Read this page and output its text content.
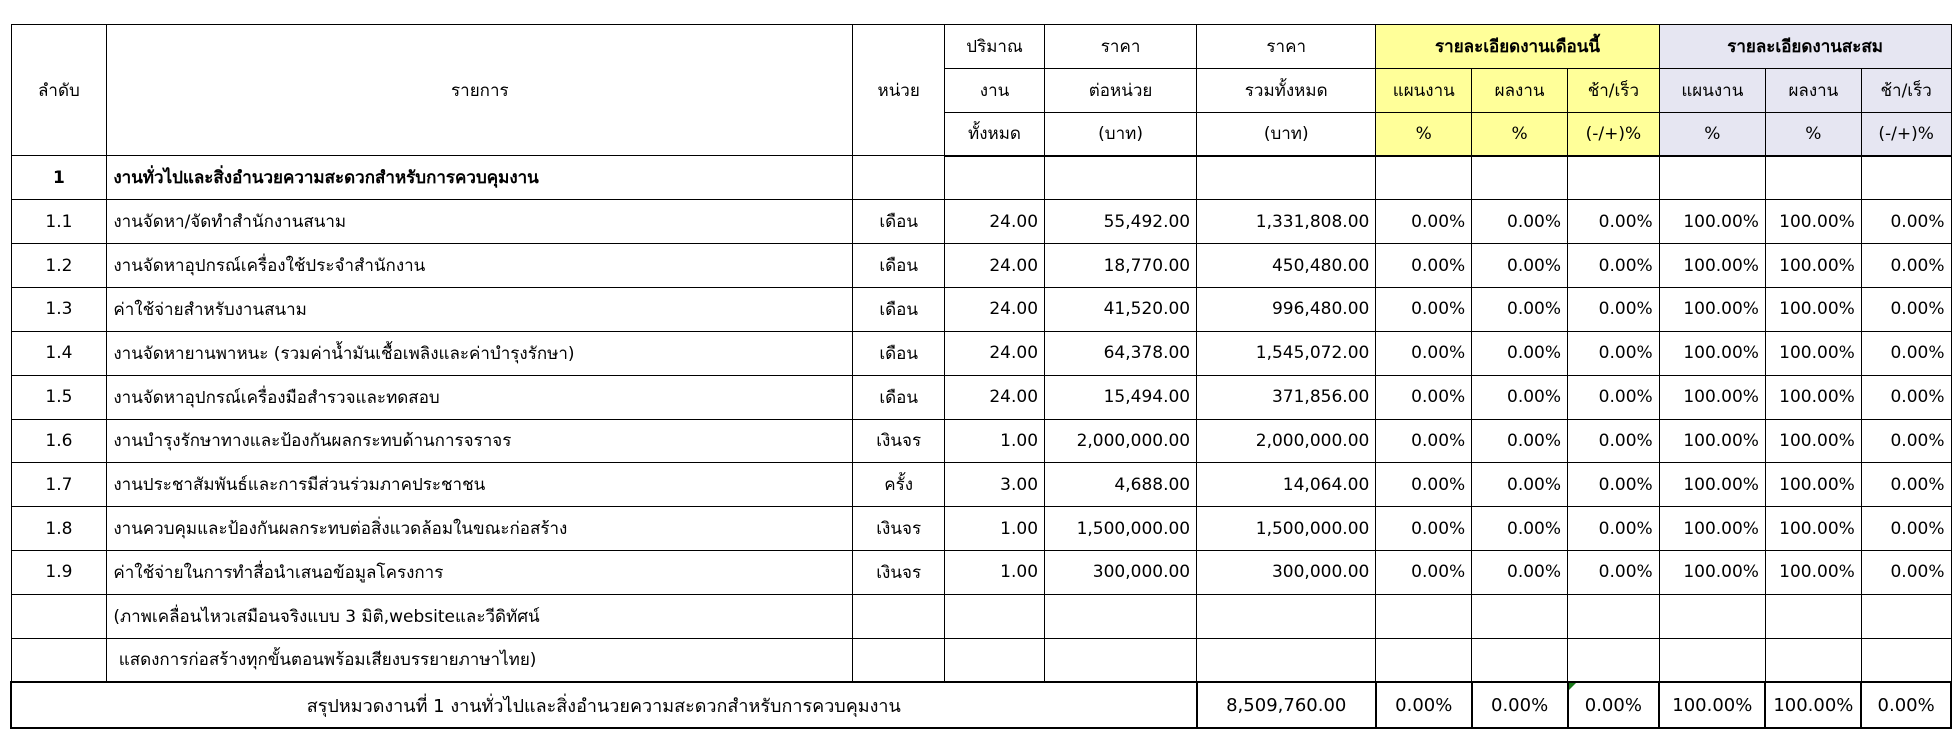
ลำดับ	รายการ	หน่วย	ปริมาณ	ราคา	ราคา	รายละเอียดงานเดือนนี้			รายละเอียดงานสะสม		
			งาน	ต่อหน่วย	รวมทั้งหมด	แผนงาน	ผลงาน	ช้า/เร็ว	แผนงาน	ผลงาน	ช้า/เร็ว
			ทั้งหมด	(บาท)	(บาท)	%	%	(-/+)%	%	%	(-/+)%
1	งานทั่วไปและสิ่งอำนวยความสะดวกสำหรับการควบคุมงาน										
1.1	งานจัดหา/จัดทำสำนักงานสนาม	เดือน	24.00	55,492.00	1,331,808.00	0.00%	0.00%	0.00%	100.00%	100.00%	0.00%
1.2	งานจัดหาอุปกรณ์เครื่องใช้ประจำสำนักงาน	เดือน	24.00	18,770.00	450,480.00	0.00%	0.00%	0.00%	100.00%	100.00%	0.00%
1.3	ค่าใช้จ่ายสำหรับงานสนาม	เดือน	24.00	41,520.00	996,480.00	0.00%	0.00%	0.00%	100.00%	100.00%	0.00%
1.4	งานจัดหายานพาหนะ (รวมค่าน้ำมันเชื้อเพลิงและค่าบำรุงรักษา)	เดือน	24.00	64,378.00	1,545,072.00	0.00%	0.00%	0.00%	100.00%	100.00%	0.00%
1.5	งานจัดหาอุปกรณ์เครื่องมือสำรวจและทดสอบ	เดือน	24.00	15,494.00	371,856.00	0.00%	0.00%	0.00%	100.00%	100.00%	0.00%
1.6	งานบำรุงรักษาทางและป้องกันผลกระทบด้านการจราจร	เงินจร	1.00	2,000,000.00	2,000,000.00	0.00%	0.00%	0.00%	100.00%	100.00%	0.00%
1.7	งานประชาสัมพันธ์และการมีส่วนร่วมภาคประชาชน	ครั้ง	3.00	4,688.00	14,064.00	0.00%	0.00%	0.00%	100.00%	100.00%	0.00%
1.8	งานควบคุมและป้องกันผลกระทบต่อสิ่งแวดล้อมในขณะก่อสร้าง	เงินจร	1.00	1,500,000.00	1,500,000.00	0.00%	0.00%	0.00%	100.00%	100.00%	0.00%
1.9	ค่าใช้จ่ายในการทำสื่อนำเสนอข้อมูลโครงการ	เงินจร	1.00	300,000.00	300,000.00	0.00%	0.00%	0.00%	100.00%	100.00%	0.00%
	(ภาพเคลื่อนไหวเสมือนจริงแบบ 3 มิติ,websiteและวีดิทัศน์										
	แสดงการก่อสร้างทุกขั้นตอนพร้อมเสียงบรรยายภาษาไทย)										
สรุปหมวดงานที่ 1 งานทั่วไปและสิ่งอำนวยความสะดวกสำหรับการควบคุมงาน					8,509,760.00	0.00%	0.00%	0.00%	100.00%	100.00%	0.00%
